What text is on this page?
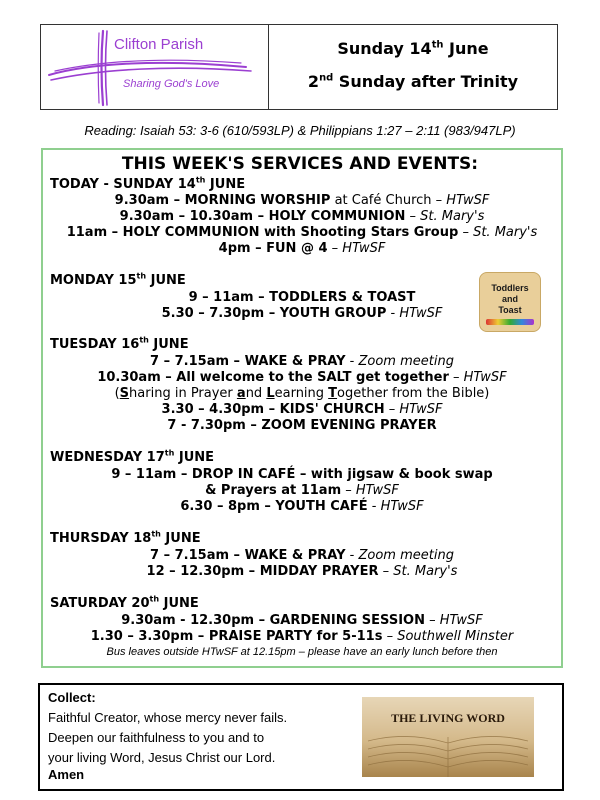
Clifton Parish
Sharing God's Love
Sunday 14th June
2nd Sunday after Trinity
Reading: Isaiah 53: 3-6 (610/593LP) & Philippians 1:27 – 2:11 (983/947LP)
THIS WEEK'S SERVICES AND EVENTS:
TODAY - SUNDAY 14th JUNE
9.30am – MORNING WORSHIP at Café Church – HTwSF
9.30am – 10.30am – HOLY COMMUNION – St. Mary's
11am – HOLY COMMUNION with Shooting Stars Group – St. Mary's
4pm – FUN @ 4 – HTwSF
MONDAY 15th JUNE
9 – 11am – TODDLERS & TOAST
5.30 – 7.30pm – YOUTH GROUP - HTwSF
Toddlers
and
Toast
TUESDAY 16th JUNE
7 – 7.15am – WAKE & PRAY - Zoom meeting
10.30am – All welcome to the SALT get together – HTwSF
(Sharing in Prayer and Learning Together from the Bible)
3.30 – 4.30pm – KIDS' CHURCH – HTwSF
7 - 7.30pm – ZOOM EVENING PRAYER
WEDNESDAY 17th JUNE
9 – 11am – DROP IN CAFÉ – with jigsaw & book swap
& Prayers at 11am – HTwSF
6.30 – 8pm – YOUTH CAFÉ - HTwSF
THURSDAY 18th JUNE
7 – 7.15am – WAKE & PRAY - Zoom meeting
12 – 12.30pm – MIDDAY PRAYER – St. Mary's
SATURDAY 20th JUNE
9.30am - 12.30pm – GARDENING SESSION – HTwSF
1.30 – 3.30pm – PRAISE PARTY for 5-11s – Southwell Minster
Bus leaves outside HTwSF at 12.15pm – please have an early lunch before then
Collect:
Faithful Creator, whose mercy never fails.
Deepen our faithfulness to you and to
your living Word, Jesus Christ our Lord.
Amen
THE LIVING WORD
